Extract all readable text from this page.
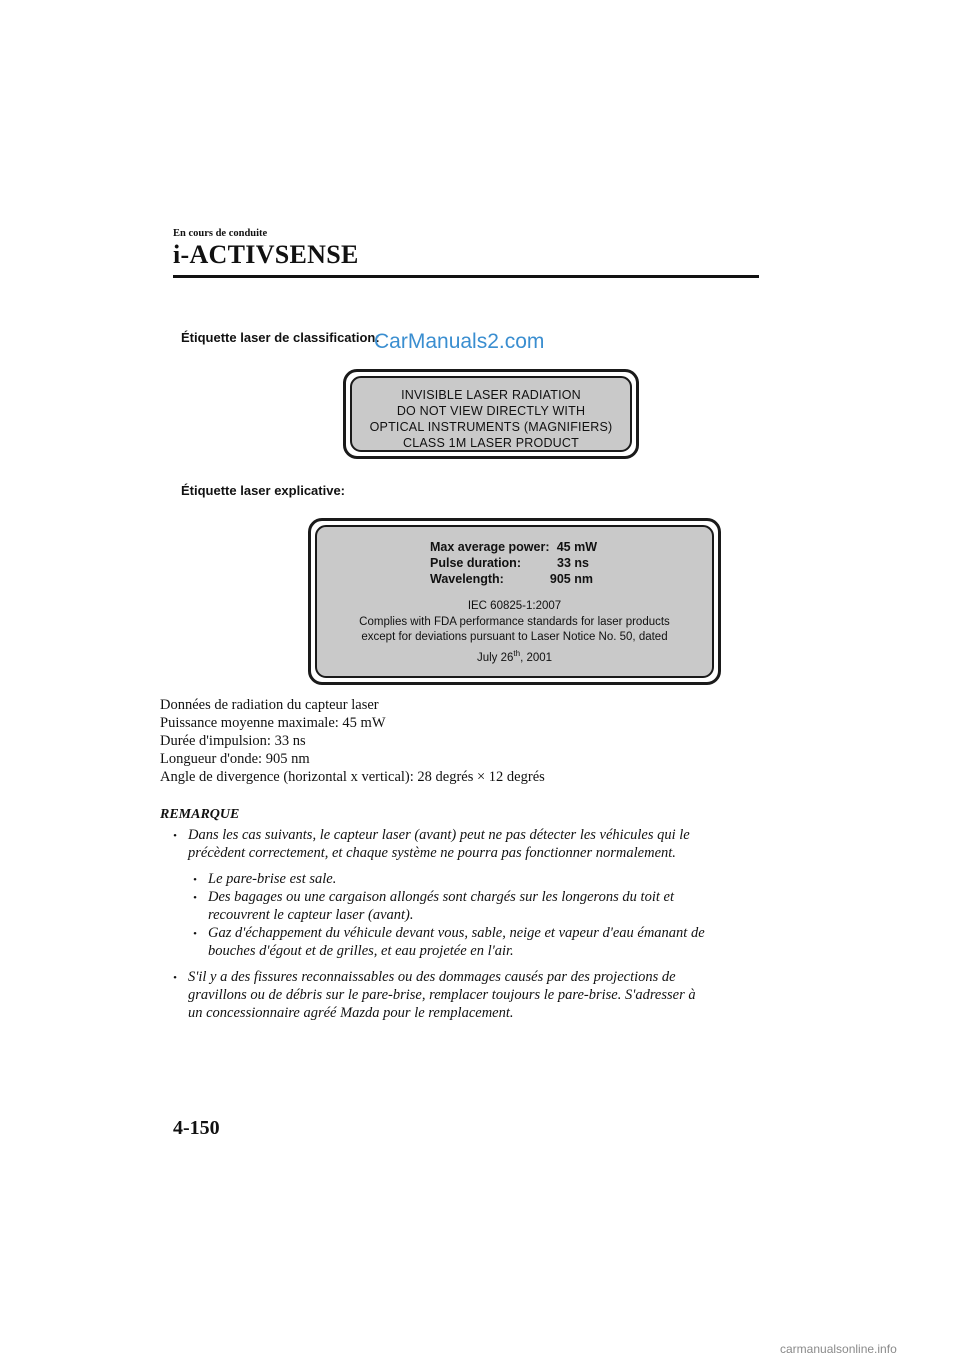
En cours de conduite
i-ACTIVSENSE
Étiquette laser de classification:
CarManuals2.com
INVISIBLE LASER RADIATION
DO NOT VIEW DIRECTLY WITH
OPTICAL INSTRUMENTS (MAGNIFIERS)
CLASS 1M LASER PRODUCT
Étiquette laser explicative:
Max average power: 45 mW
Pulse duration:	33 ns
Wavelength:	905 nm
IEC 60825-1:2007
Complies with FDA performance standards for laser products
except for deviations pursuant to Laser Notice No. 50, dated
July 26th, 2001
Données de radiation du capteur laser
Puissance moyenne maximale: 45 mW
Durée d'impulsion: 33 ns
Longueur d'onde: 905 nm
Angle de divergence (horizontal x vertical): 28 degrés × 12 degrés
REMARQUE
• Dans les cas suivants, le capteur laser (avant) peut ne pas détecter les véhicules qui le
précèdent correctement, et chaque système ne pourra pas fonctionner normalement.
• Le pare-brise est sale.
• Des bagages ou une cargaison allongés sont chargés sur les longerons du toit et
recouvrent le capteur laser (avant).
• Gaz d'échappement du véhicule devant vous, sable, neige et vapeur d'eau émanant de
bouches d'égout et de grilles, et eau projetée en l'air.
• S'il y a des fissures reconnaissables ou des dommages causés par des projections de
gravillons ou de débris sur le pare-brise, remplacer toujours le pare-brise. S'adresser à
un concessionnaire agréé Mazda pour le remplacement.
4-150
carmanualsonline.info
